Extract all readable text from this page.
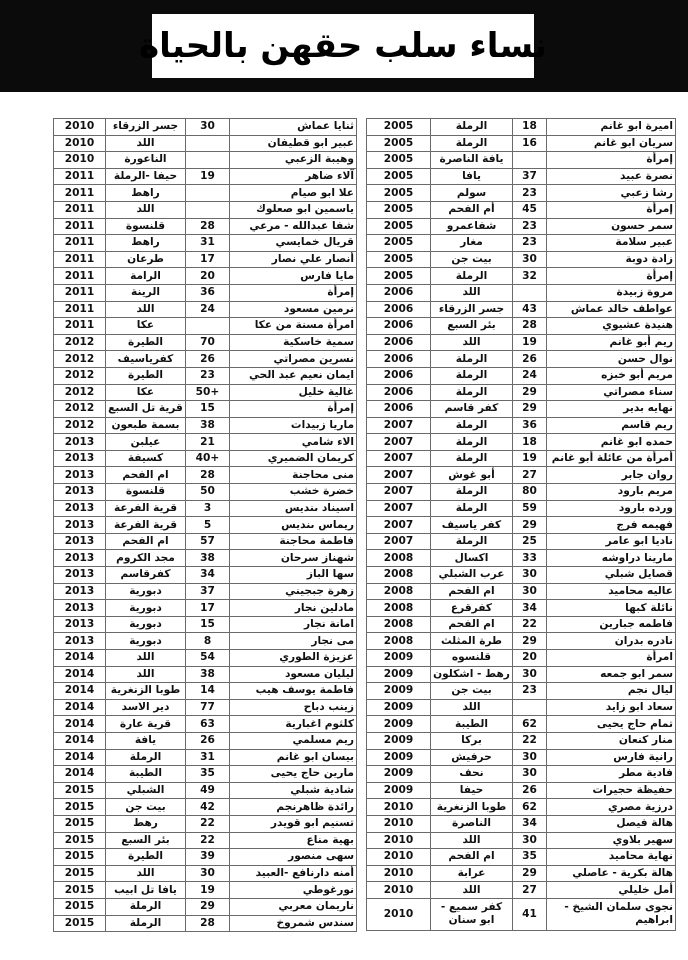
نساء سلب حقهن بالحياة
اميرة ابو غانم	18	الرملة	2005
سريان ابو غانم	16	الرملة	2005
إمرأة		يافة الناصرة	2005
نصرة عبيد	37	يافا	2005
رشا زعبي	23	سولم	2005
إمرأة	45	أم الفحم	2005
سمر حسون	23	شفاعمرو	2005
عبير سلامة	23	مغار	2005
زادة دوبة	30	بيت جن	2005
إمرأة	32	الرملة	2005
مروة زبيدة		اللد	2006
عواطف خالد عماش	43	جسر الزرقاء	2006
هنيدة عشيوي	28	بئر السبع	2006
ريم أبو غانم	19	اللد	2006
نوال حسن	26	الرملة	2006
مريم أبو خبزه	24	الرملة	2006
سناء مصراتي	29	الرملة	2006
نهايه بدير	29	كفر قاسم	2006
ريم قاسم	36	الرملة	2007
حمده ابو غانم	18	الرملة	2007
أمرأة من عائلة أبو غانم	19	الرملة	2007
روان جابر	27	أبو غوش	2007
مريم بارود	80	الرملة	2007
ورده بارود	59	الرملة	2007
فهيمه فرج	29	كفر ياسيف	2007
ناديا ابو عامر	25	الرملة	2007
مارينا دراوشه	33	اكسال	2008
قصايل شبلي	30	عرب الشبلي	2008
عاليه محاميد	30	ام الفحم	2008
نائلة كبها	34	كفرقرع	2008
فاطمه جبارين	22	ام الفحم	2008
نادره بدران	29	طرة المثلث	2008
امرأة	20	قلنسوه	2009
سمر ابو جمعه	30	رهط - اشكلون	2009
ليال نجم	23	بيت جن	2009
سعاد ابو زايد		اللد	2009
تمام حاج يحيى	62	الطيبة	2009
منار كنعان	22	بركا	2009
رانية فارس	30	حرفيش	2009
فادية مطر	30	نحف	2009
حفيظة حجيرات	26	حيفا	2009
درزية مصري	62	طوبا الزنغرية	2010
هالة فيصل	34	الناصرة	2010
سهير بلاوي	30	اللد	2010
نهاية محاميد	35	ام الفحم	2010
هالة بكرية - عاصلي	29	عرابة	2010
أمل خليلي	27	اللد	2010
نجوى سلمان الشيخ - ابراهيم	41	كفر سميع - ابو سنان	2010
ثنايا عماش	30	جسر الزرقاء	2010
عبير ابو قطيفان		اللد	2010
وهيبة الزعبي		الناعورة	2010
آلاء ضاهر	19	حيفا -الرملة	2011
علا ابو صيام		راهط	2011
ياسمين ابو صعلوك		اللد	2011
شفا عبدالله - مرعي	28	قلنسوة	2011
قريال خمايسي	31	راهط	2011
أنصار علي نصار	17	طرعان	2011
مايا فارس	20	الرامة	2011
إمرأة	36	الرينة	2011
نرمين مسعود	24	اللد	2011
امرأة مسنة من عكا		عكا	2011
سمية خاسكية	70	الطيرة	2012
نسرين مصراتي	26	كفرياسيف	2012
ايمان نعيم عبد الحي	23	الطيرة	2012
غالية خليل	+50	عكا	2012
إمرأة	15	قرية تل السبع	2012
ماريا زبيدات	38	بسمة طبعون	2012
الاء شامي	21	عيلبن	2013
كريمان الضميري	+40	كسيفة	2013
منى محاجنة	28	ام الفحم	2013
خضرة خشب	50	قلنسوة	2013
اسيناد ىنديس	3	قرية الفرعة	2013
ريماس ىنديس	5	قرية الفرعة	2013
فاطمة محاجنة	57	ام الفحم	2013
شهناز سرحان	38	مجد الكروم	2013
سها الباز	34	كفرقاسم	2013
زهرة جبجيني	37	دبورية	2013
مادلين نجار	17	دبورية	2013
امانة نجار	15	دبورية	2013
مى نجار	8	دبورية	2013
عزيزة الطوري	54	اللد	2014
ليليان مسعود	38	اللد	2014
فاطمة يوسف هيب	14	طوبا الزنغرية	2014
زينب دباح	77	دير الاسد	2014
كلثوم اغبارية	63	قرية عارة	2014
ريم مسلمي	26	يافة	2014
بيسان ابو غانم	31	الرملة	2014
مارين حاج يحيى	35	الطيبة	2014
شادية شبلي	49	الشبلي	2015
رائدة ظاهرنجم	42	بيت جن	2015
تسنيم ابو قويدر	22	رهط	2015
بهية مناع	22	بئر السبع	2015
سهى منصور	39	الطيرة	2015
أمنه دارنافع -العبيد	30	اللد	2015
نورغوطي	19	يافا تل ابيب	2015
ناريمان معربي	29	الرملة	2015
سندس شمروخ	28	الرملة	2015
